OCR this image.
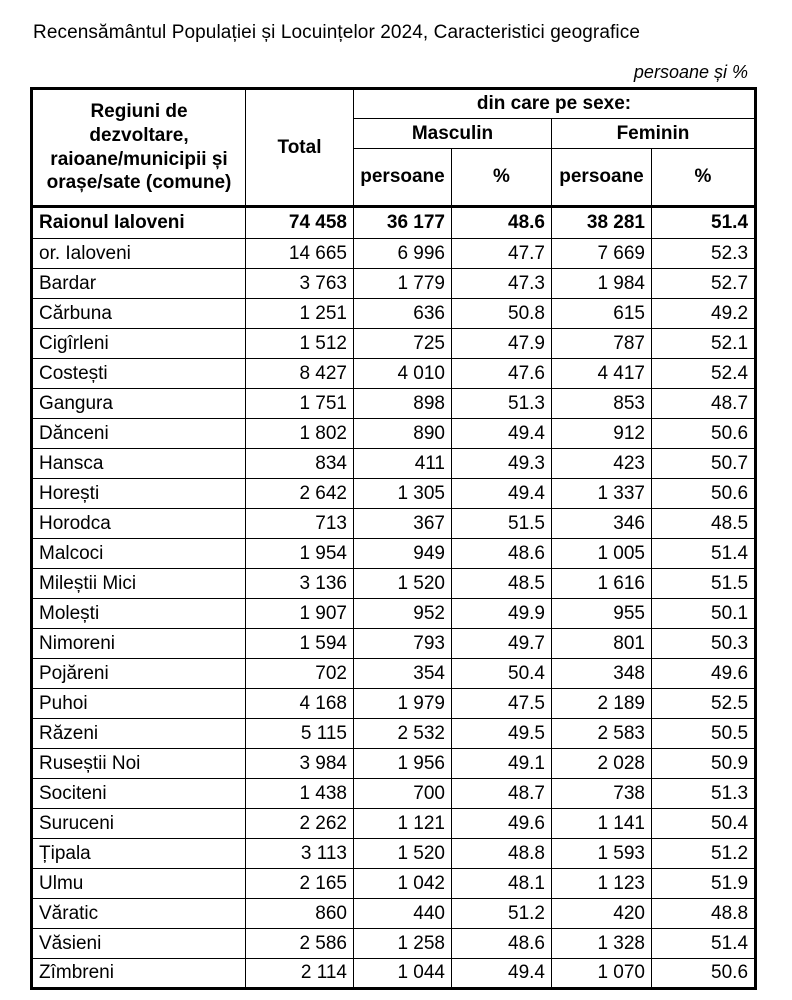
Recensământul Populației și Locuințelor 2024, Caracteristici geografice
persoane și %
Regiuni de dezvoltare, raioane/municipii și orașe/sate (comune)	Total	din care pe sexe:			
		Masculin		Feminin	
		persoane	%	persoane	%
Raionul Ialoveni	74 458	36 177	48.6	38 281	51.4
or. Ialoveni	14 665	6 996	47.7	7 669	52.3
Bardar	3 763	1 779	47.3	1 984	52.7
Cărbuna	1 251	636	50.8	615	49.2
Cigîrleni	1 512	725	47.9	787	52.1
Costești	8 427	4 010	47.6	4 417	52.4
Gangura	1 751	898	51.3	853	48.7
Dănceni	1 802	890	49.4	912	50.6
Hansca	834	411	49.3	423	50.7
Horești	2 642	1 305	49.4	1 337	50.6
Horodca	713	367	51.5	346	48.5
Malcoci	1 954	949	48.6	1 005	51.4
Mileștii Mici	3 136	1 520	48.5	1 616	51.5
Molești	1 907	952	49.9	955	50.1
Nimoreni	1 594	793	49.7	801	50.3
Pojăreni	702	354	50.4	348	49.6
Puhoi	4 168	1 979	47.5	2 189	52.5
Răzeni	5 115	2 532	49.5	2 583	50.5
Ruseștii Noi	3 984	1 956	49.1	2 028	50.9
Sociteni	1 438	700	48.7	738	51.3
Suruceni	2 262	1 121	49.6	1 141	50.4
Țipala	3 113	1 520	48.8	1 593	51.2
Ulmu	2 165	1 042	48.1	1 123	51.9
Văratic	860	440	51.2	420	48.8
Văsieni	2 586	1 258	48.6	1 328	51.4
Zîmbreni	2 114	1 044	49.4	1 070	50.6
